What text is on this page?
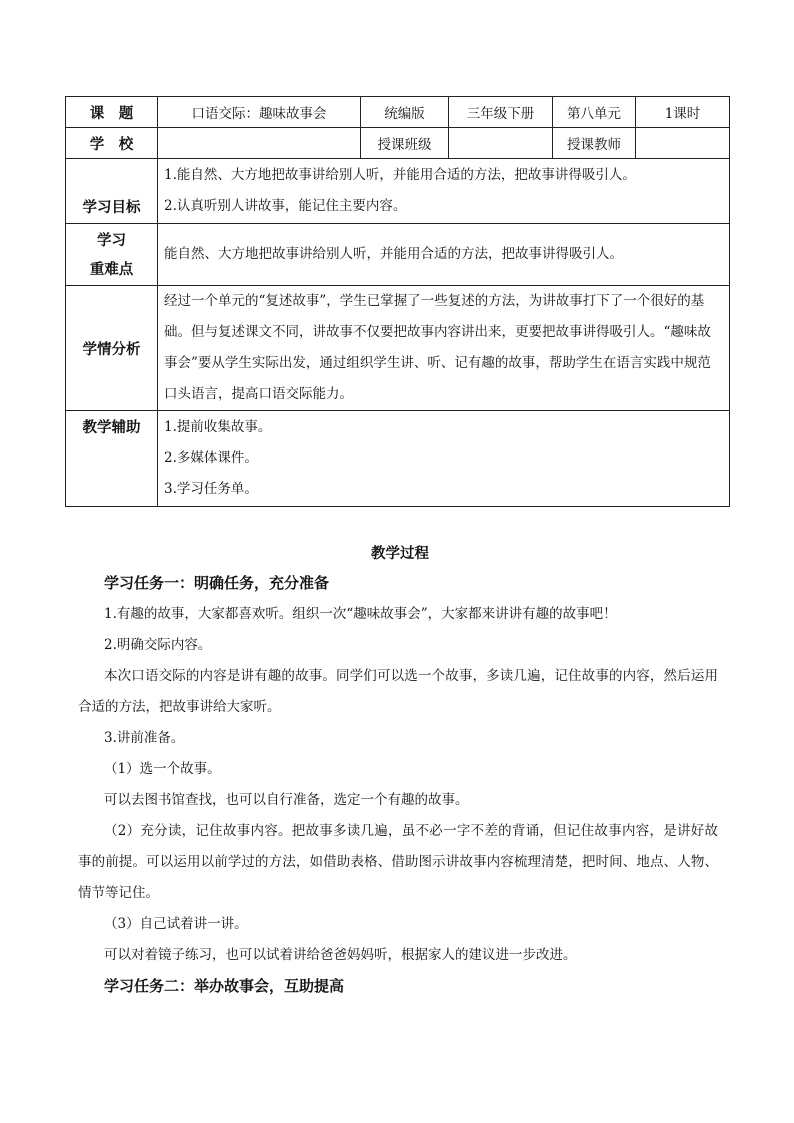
课　题	口语交际：趣味故事会	统编版	三年级下册	第八单元	1课时
学　校		授课班级		授课教师	
学习目标	1.能自然、大方地把故事讲给别人听，并能用合适的方法，把故事讲得吸引人。

2.认真听别人讲故事，能记住主要内容。				

学习
重难点	能自然、大方地把故事讲给别人听，并能用合适的方法，把故事讲得吸引人。				
学情分析	经过一个单元的“复述故事”，学生已掌握了一些复述的方法，为讲故事打下了一个很好的基础。但与复述课文不同，讲故事不仅要把故事内容讲出来，更要把故事讲得吸引人。“趣味故事会”要从学生实际出发，通过组织学生讲、听、记有趣的故事，帮助学生在语言实践中规范口头语言，提高口语交际能力。				
教学辅助	1.提前收集故事。

2.多媒体课件。

3.学习任务单。				

教学过程

学习任务一：明确任务，充分准备

1.有趣的故事，大家都喜欢听。组织一次“趣味故事会”，大家都来讲讲有趣的故事吧！

2.明确交际内容。

本次口语交际的内容是讲有趣的故事。同学们可以选一个故事，多读几遍，记住故事的内容，然后运用合适的方法，把故事讲给大家听。

3.讲前准备。

（1）选一个故事。

可以去图书馆查找，也可以自行准备，选定一个有趣的故事。

（2）充分读，记住故事内容。把故事多读几遍，虽不必一字不差的背诵，但记住故事内容，是讲好故事的前提。可以运用以前学过的方法，如借助表格、借助图示讲故事内容梳理清楚，把时间、地点、人物、情节等记住。

（3）自己试着讲一讲。

可以对着镜子练习，也可以试着讲给爸爸妈妈听，根据家人的建议进一步改进。

学习任务二：举办故事会，互助提高
